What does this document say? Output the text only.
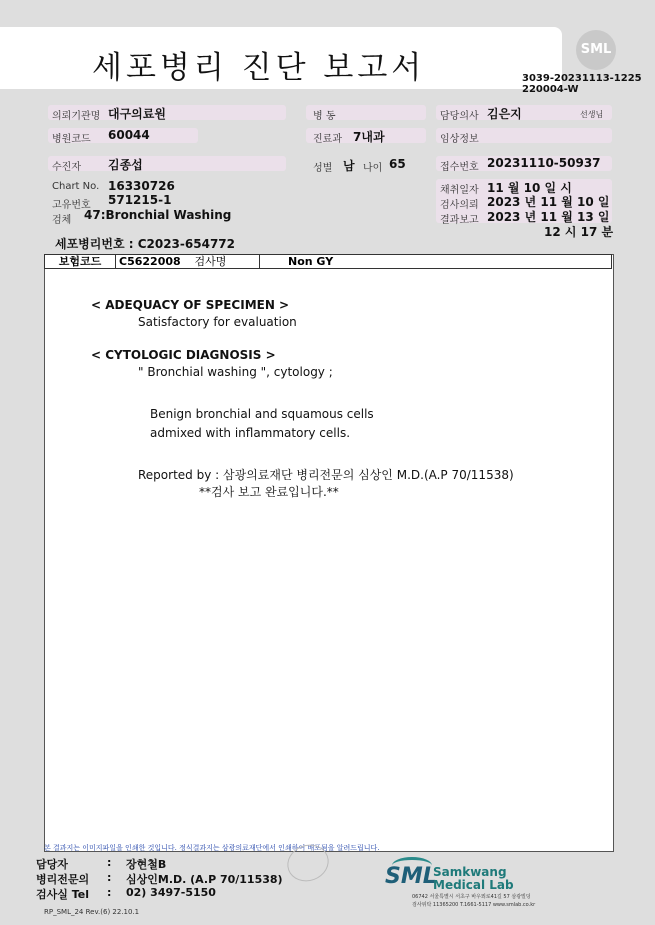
세포병리 진단 보고서
SML
3039-20231113-1225
220004-W
의뢰기관명 대구의료원	병 동	담당의사 김은지	선생님
병원코드 60044	진료과 7내과	임상정보
수진자 김종섭	성별 남 나이 65	접수번호 20231110-50937
Chart No. 16330726
고유번호 571215-1
검체 47:Bronchial Washing
채취일자 11 월 10 일 시
검사의뢰 2023 년 11 월 10 일
결과보고 2023 년 11 월 13 일
12 시 17 분
세포병리번호 : C2023-654772
보험코드	C5622008 검사명	Non GY
< ADEQUACY OF SPECIMEN >
Satisfactory for evaluation
< CYTOLOGIC DIAGNOSIS >
" Bronchial washing ", cytology ;
Benign bronchial and squamous cells
admixed with inflammatory cells.
Reported by : 삼광의료재단 병리전문의 심상인 M.D.(A.P 70/11538)
**검사 보고 완료입니다.**
본 결과지는 이미지파일을 인쇄한 것입니다. 정식결과지는 삼광의료재단에서 인쇄하여 배포됨을 알려드립니다.
담당자	: 장현철B
병리전문의 : 심상인M.D. (A.P 70/11538)
검사실 Tel : 02) 3497-5150
SML
Samkwang
Medical Lab
06742 서울특별시 서초구 바우뫼로41길 57 삼광빌딩
검사위탁 11365200 T.1661-5117 www.smlab.co.kr
RP_SML_24 Rev.(6) 22.10.1
